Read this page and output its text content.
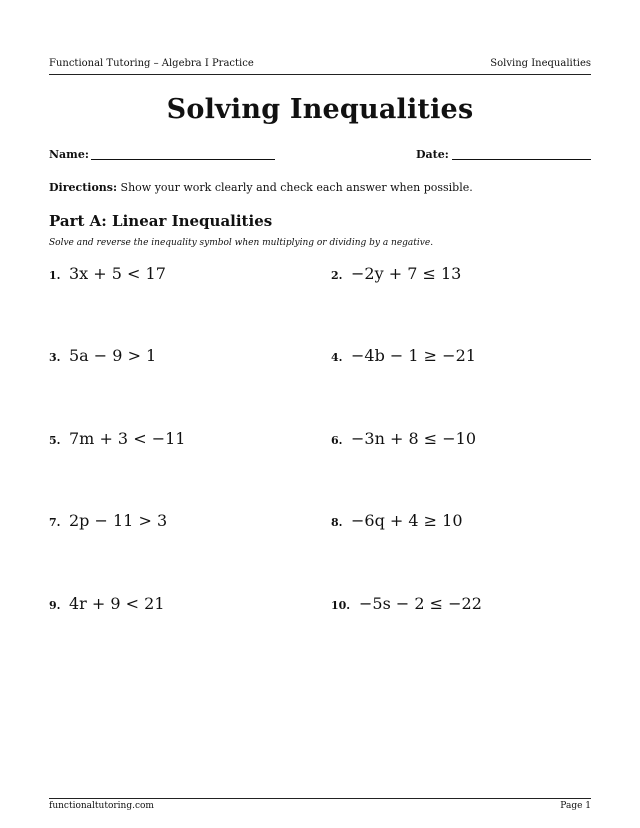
Functional Tutoring – Algebra I Practice	Solving Inequalities
Solving Inequalities
Name:	Date:
Directions: Show your work clearly and check each answer when possible.
Part A: Linear Inequalities
Solve and reverse the inequality symbol when multiplying or dividing by a negative.
1. 3x + 5 < 17	2. −2y + 7 ≤ 13
3. 5a − 9 > 1	4. −4b − 1 ≥ −21
5. 7m + 3 < −11	6. −3n + 8 ≤ −10
7. 2p − 11 > 3	8. −6q + 4 ≥ 10
9. 4r + 9 < 21	10. −5s − 2 ≤ −22
functionaltutoring.com	Page 1
